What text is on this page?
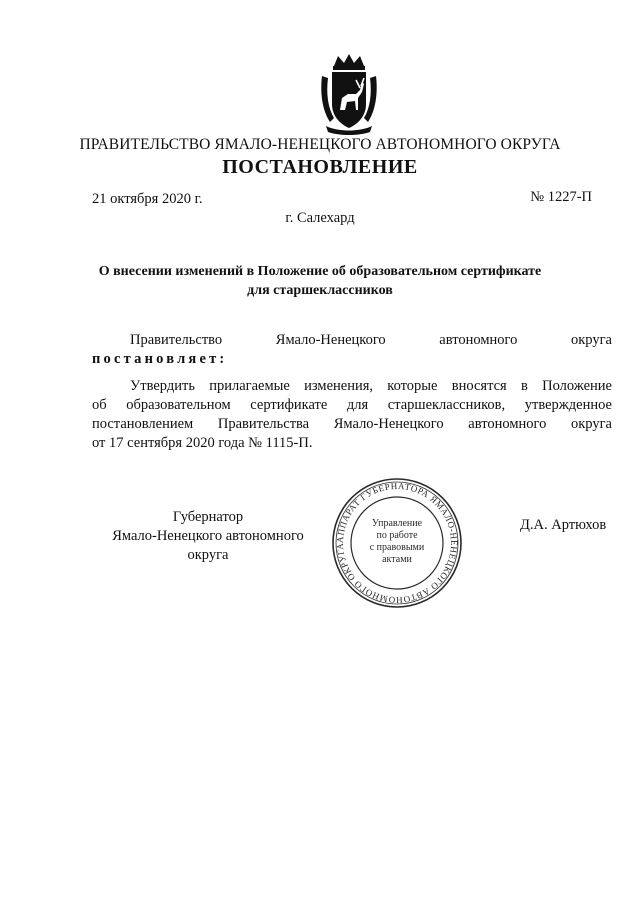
ПРАВИТЕЛЬСТВО ЯМАЛО-НЕНЕЦКОГО АВТОНОМНОГО ОКРУГА
ПОСТАНОВЛЕНИЕ
21 октября 2020 г.	№ 1227-П
г. Салехард
О внесении изменений в Положение об образовательном сертификате
для старшеклассников
Правительство	Ямало-Ненецкого	автономного	округа
постановляет:

Утвердить прилагаемые изменения, которые вносятся в Положение

об образовательном сертификате для старшеклассников, утвержденное

постановлением Правительства Ямало-Ненецкого автономного округа

от 17 сентября 2020 года № 1115-П.

Губернатор
Ямало-Ненецкого автономного округа
Д.А. Артюхов
АППАРАТ ГУБЕРНАТОРА ЯМАЛО-НЕНЕЦКОГО АВТОНОМНОГО ОКРУГА
Управление
по работе
с правовыми
актами
